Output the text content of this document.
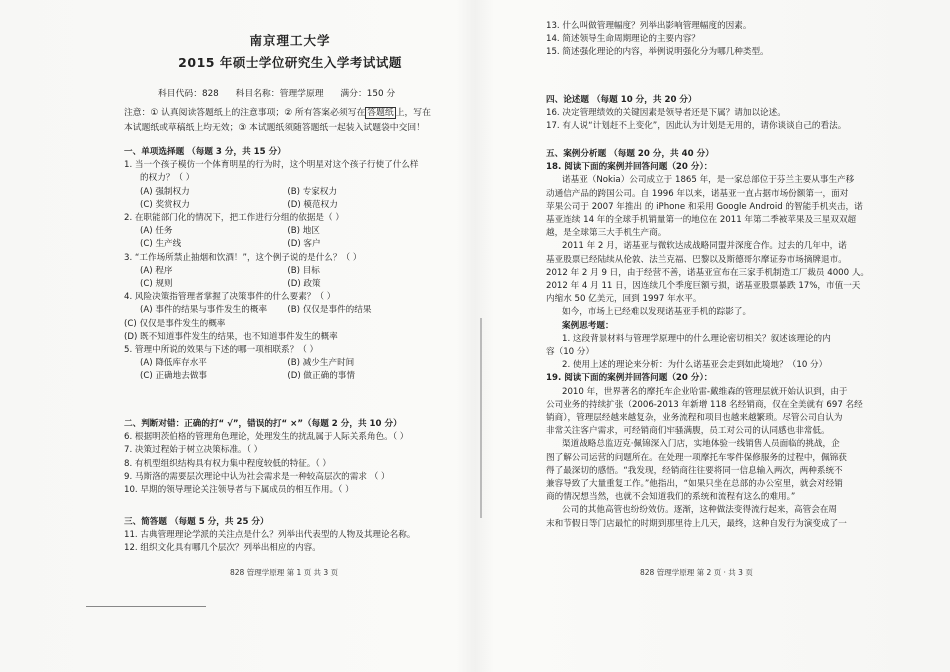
南京理工大学
2015 年硕士学位研究生入学考试试题
科目代码：828 科目名称：管理学原理 满分：150 分
注意：① 认真阅读答题纸上的注意事项；② 所有答案必须写在 答题纸 上，写在
本试题纸或草稿纸上均无效；③ 本试题纸须随答题纸一起装入试题袋中交回！
一、单项选择题 （每题 3 分，共 15 分）
1. 当一个孩子模仿一个体育明星的行为时，这个明星对这个孩子行使了什么样
的权力？（ ）
(A) 强制权力	(B) 专家权力
(C) 奖赏权力	(D) 模范权力
2. 在职能部门化的情况下，把工作进行分组的依据是（ ）
(A) 任务	(B) 地区
(C) 生产线	(D) 客户
3. “工作场所禁止抽烟和饮酒！”，这个例子说的是什么？（ ）
(A) 程序	(B) 目标
(C) 规则	(D) 政策
4. 风险决策指管理者掌握了决策事件的什么要素？（ ）
(A) 事件的结果与事件发生的概率	(B) 仅仅是事件的结果
(C) 仅仅是事件发生的概率
(D) 既不知道事件发生的结果，也不知道事件发生的概率
5. 管理中所说的效果与下述的哪一项相联系？（ ）
(A) 降低库存水平	(B) 减少生产时间
(C) 正确地去做事	(D) 做正确的事情
二、判断对错：正确的打“ √”，错误的打“ ×”（每题 2 分，共 10 分）
6. 根据明茨伯格的管理角色理论，处理发生的扰乱属于人际关系角色。（ ）
7. 决策过程始于树立决策标准。（ ）
8. 有机型组织结构具有权力集中程度较低的特征。（ ）
9. 马斯洛的需要层次理论中认为社会需求是一种较高层次的需求 （ ）
10. 早期的领导理论关注领导者与下属成员的相互作用。（ ）
三、简答题 （每题 5 分，共 25 分）
11. 古典管理理论学派的关注点是什么？列举出代表型的人物及其理论名称。
12. 组织文化具有哪几个层次？列举出相应的内容。
828 管理学原理 第 1 页 共 3 页
13. 什么叫做管理幅度？列举出影响管理幅度的因素。
14. 简述领导生命周期理论的主要内容？
15. 简述强化理论的内容，举例说明强化分为哪几种类型。
四、论述题 （每题 10 分，共 20 分）
16. 决定管理绩效的关键因素是领导者还是下属？请加以论述。
17. 有人说“计划赶不上变化”，因此认为计划是无用的，请你谈谈自己的看法。
五、案例分析题 （每题 20 分，共 40 分）
18. 阅读下面的案例并回答问题（20 分）：
诺基亚（Nokia）公司成立于 1865 年，是一家总部位于芬兰主要从事生产移
动通信产品的跨国公司。自 1996 年以来，诺基亚一直占据市场份额第一，面对
苹果公司于 2007 年推出 的 iPhone 和采用 Google Android 的智能手机夹击，诺
基亚连续 14 年的全球手机销量第一的地位在 2011 年第二季被苹果及三星双双超
越，是全球第三大手机生产商。
2011 年 2 月，诺基亚与微软达成战略同盟并深度合作。过去的几年中，诺
基亚股票已经陆续从伦敦、法兰克福、巴黎以及斯德哥尔摩证券市场摘牌退市。
2012 年 2 月 9 日，由于经营不善，诺基亚宣布在三家手机制造工厂裁员 4000 人。
2012 年 4 月 11 日，因连续几个季度巨额亏损，诺基亚股票暴跌 17%，市值一天
内缩水 50 亿美元，回到 1997 年水平。
如今，市场上已经难以发现诺基亚手机的踪影了。
案例思考题：
1. 这段背景材料与管理学原理中的什么理论密切相关？叙述该理论的内
容（10 分）
2. 使用上述的理论来分析：为什么诺基亚会走到如此境地？（10 分）
19. 阅读下面的案例并回答问题（20 分）：
2010 年，世界著名的摩托车企业哈雷-戴维森的管理层就开始认识到，由于
公司业务的持续扩张（2006-2013 年新增 118 名经销商，仅在全美就有 697 名经
销商），管理层经越来越复杂，业务流程和项目也越来越繁琐。尽管公司自认为
非常关注客户需求，可经销商们牢骚满腹，员工对公司的认同感也非常低。
渠道战略总监迈克·佩锦深入门店，实地体验一线销售人员面临的挑战，企
图了解公司运营的问题所在。在处理一项摩托车零件保修服务的过程中，佩锦获
得了最深切的感悟。“我发现，经销商往往要将同一信息输入两次，两种系统不
兼容导致了大量重复工作。”他指出，“如果只坐在总部的办公室里，就会对经销
商的情况想当然，也就不会知道我们的系统和流程有这么的难用。”
公司的其他高管也纷纷效仿。逐渐，这种做法变得流行起来，高管会在周
末和节假日等门店最忙的时期到那里待上几天，最终，这种自发行为演变成了一
828 管理学原理 第 2 页 · 共 3 页
